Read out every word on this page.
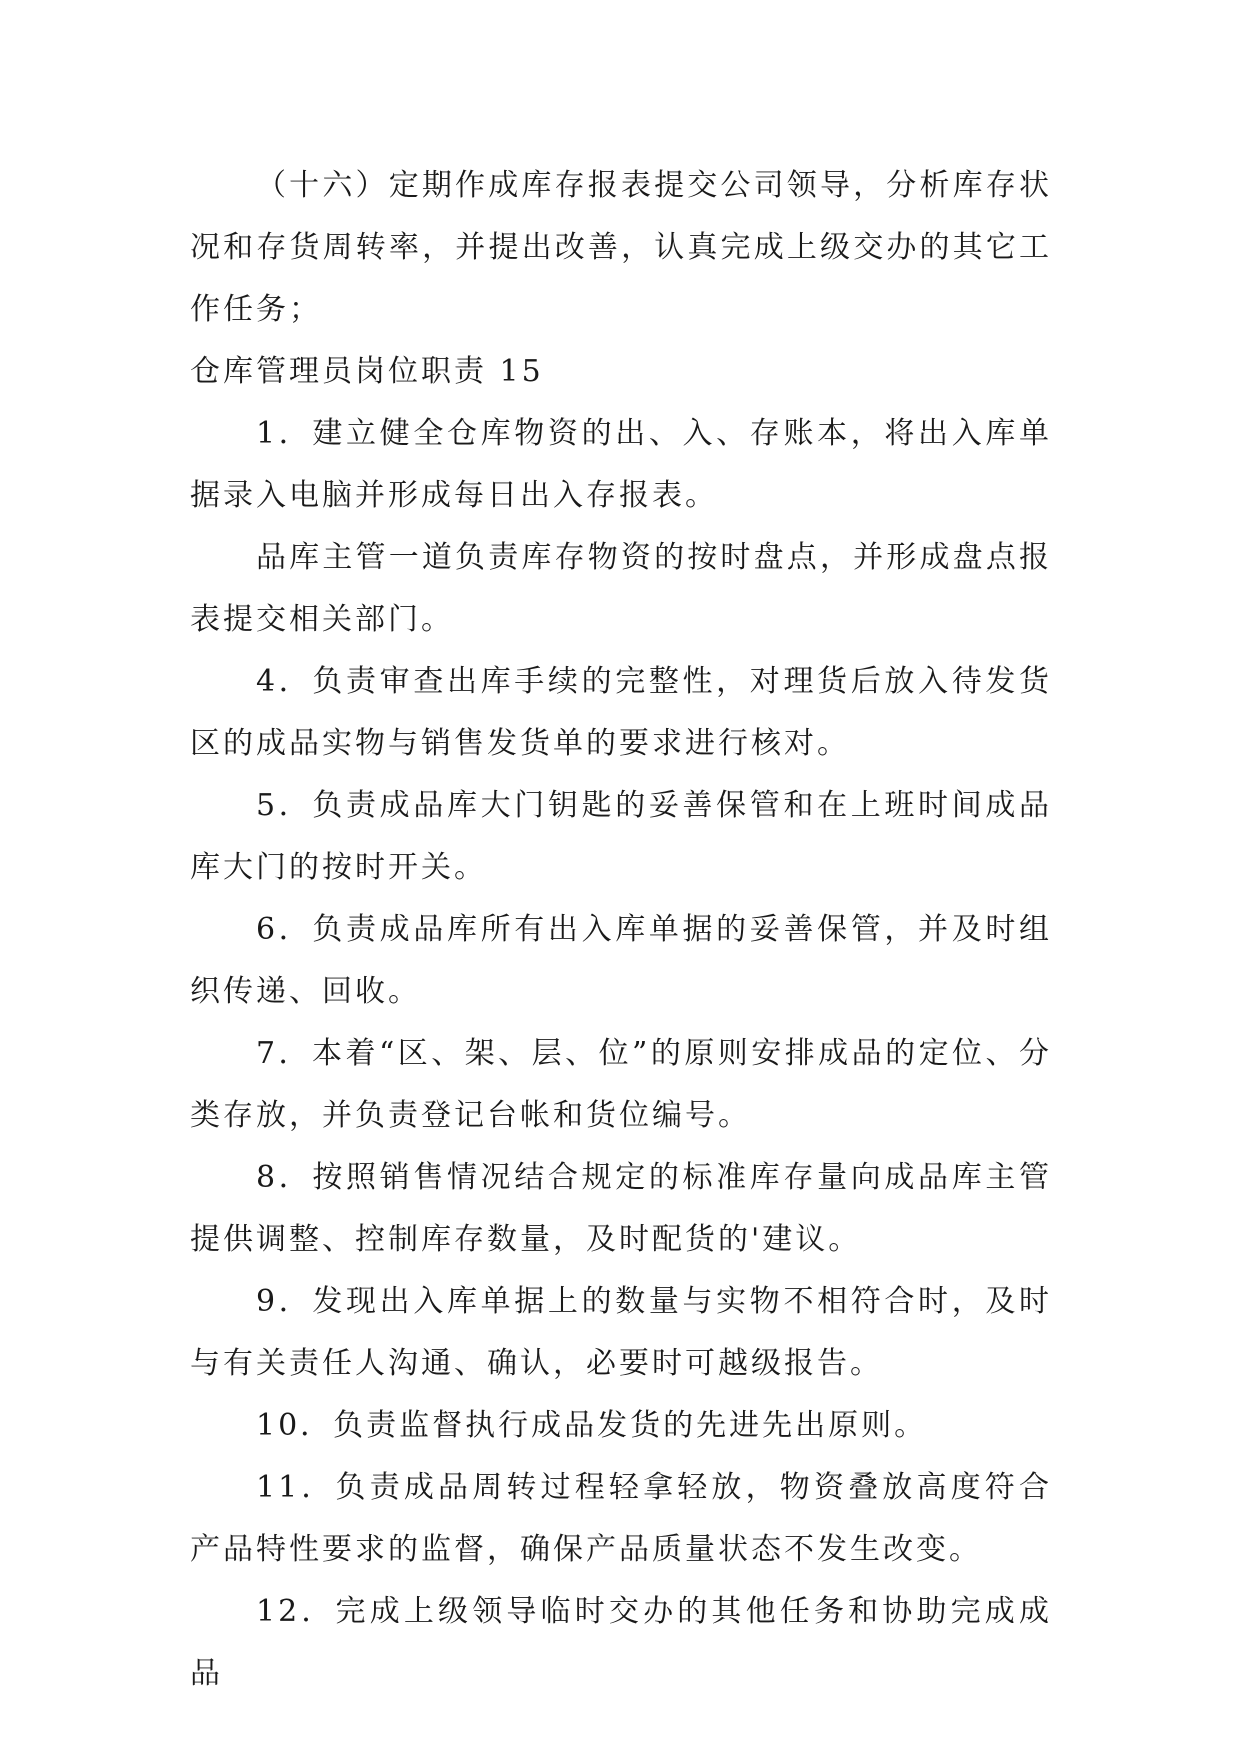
（十六）定期作成库存报表提交公司领导，分析库存状况和存货周转率，并提出改善，认真完成上级交办的其它工作任务；

仓库管理员岗位职责 15

1．建立健全仓库物资的出、入、存账本，将出入库单据录入电脑并形成每日出入存报表。

品库主管一道负责库存物资的按时盘点，并形成盘点报表提交相关部门。

4．负责审查出库手续的完整性，对理货后放入待发货区的成品实物与销售发货单的要求进行核对。

5．负责成品库大门钥匙的妥善保管和在上班时间成品库大门的按时开关。

6．负责成品库所有出入库单据的妥善保管，并及时组织传递、回收。

7．本着“区、架、层、位”的原则安排成品的定位、分类存放，并负责登记台帐和货位编号。

8．按照销售情况结合规定的标准库存量向成品库主管提供调整、控制库存数量，及时配货的'建议。

9．发现出入库单据上的数量与实物不相符合时，及时与有关责任人沟通、确认，必要时可越级报告。

10．负责监督执行成品发货的先进先出原则。

11．负责成品周转过程轻拿轻放，物资叠放高度符合产品特性要求的监督，确保产品质量状态不发生改变。

12．完成上级领导临时交办的其他任务和协助完成成品
